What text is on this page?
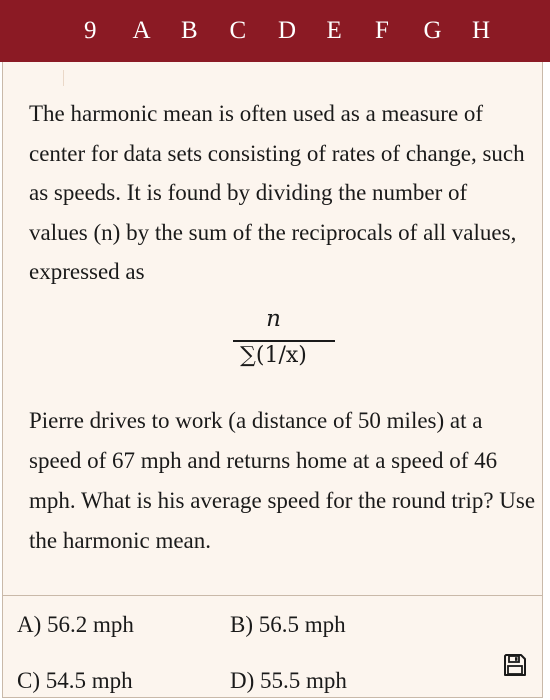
9	A	B	C	D	E	F	G	H

The harmonic mean is often used as a measure of center for data sets consisting of rates of change, such as speeds. It is found by dividing the number of values (n) by the sum of the reciprocals of all values, expressed as

n
∑(1/x)

Pierre drives to work (a distance of 50 miles) at a speed of 67 mph and returns home at a speed of 46 mph. What is his average speed for the round trip? Use the harmonic mean.

A) 56.2 mph	B) 56.5 mph
C) 54.5 mph	D) 55.5 mph
